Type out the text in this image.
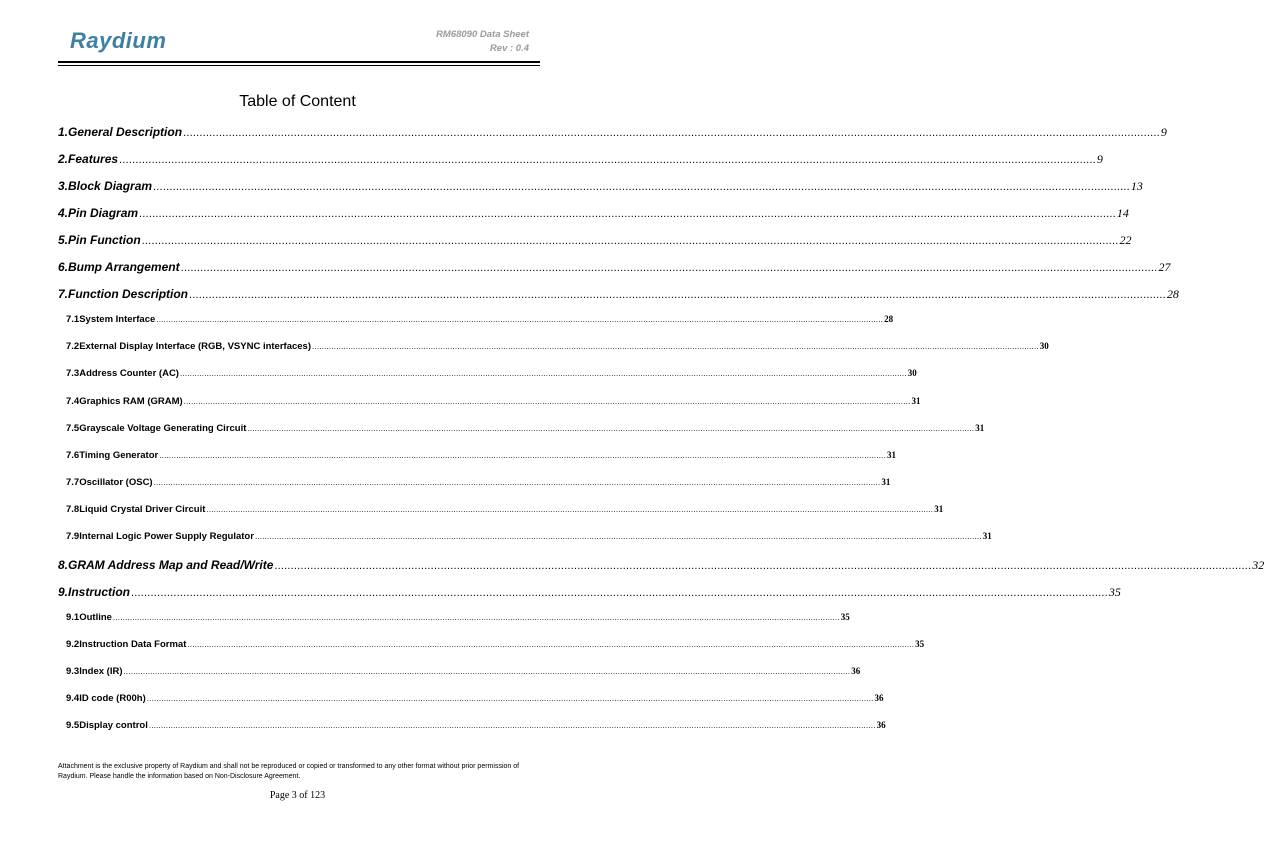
Raydium	RM68090 Data Sheet
Rev : 0.4
Table of Content
1. General Description ............................................................................................................................................................................................................................................................................................................ 9
2. Features ............................................................................................................................................................................................................................................................................................................ 9
3. Block Diagram ............................................................................................................................................................................................................................................................................................................ 13
4. Pin Diagram ............................................................................................................................................................................................................................................................................................................ 14
5. Pin Function ............................................................................................................................................................................................................................................................................................................ 22
6. Bump Arrangement ............................................................................................................................................................................................................................................................................................................ 27
7. Function Description ............................................................................................................................................................................................................................................................................................................ 28
7.1 System Interface ............................................................................................................................................................................................................................................................................................................ 28
7.2 External Display Interface (RGB, VSYNC interfaces) ............................................................................................................................................................................................................................................................................................................ 30
7.3 Address Counter (AC) ............................................................................................................................................................................................................................................................................................................ 30
7.4 Graphics RAM (GRAM) ............................................................................................................................................................................................................................................................................................................ 31
7.5 Grayscale Voltage Generating Circuit ............................................................................................................................................................................................................................................................................................................ 31
7.6 Timing Generator ............................................................................................................................................................................................................................................................................................................ 31
7.7 Oscillator (OSC) ............................................................................................................................................................................................................................................................................................................ 31
7.8 Liquid Crystal Driver Circuit ............................................................................................................................................................................................................................................................................................................ 31
7.9 Internal Logic Power Supply Regulator ............................................................................................................................................................................................................................................................................................................ 31
8. GRAM Address Map and Read/Write ............................................................................................................................................................................................................................................................................................................ 32
9. Instruction ............................................................................................................................................................................................................................................................................................................ 35
9.1 Outline ............................................................................................................................................................................................................................................................................................................ 35
9.2 Instruction Data Format ............................................................................................................................................................................................................................................................................................................ 35
9.3 Index (IR) ............................................................................................................................................................................................................................................................................................................ 36
9.4 ID code (R00h) ............................................................................................................................................................................................................................................................................................................ 36
9.5 Display control ............................................................................................................................................................................................................................................................................................................ 36
Attachment is the exclusive property of Raydium and shall not be reproduced or copied or transformed to any other format without prior permission of Raydium. Please handle the information based on Non-Disclosure Agreement.
Page 3 of 123
